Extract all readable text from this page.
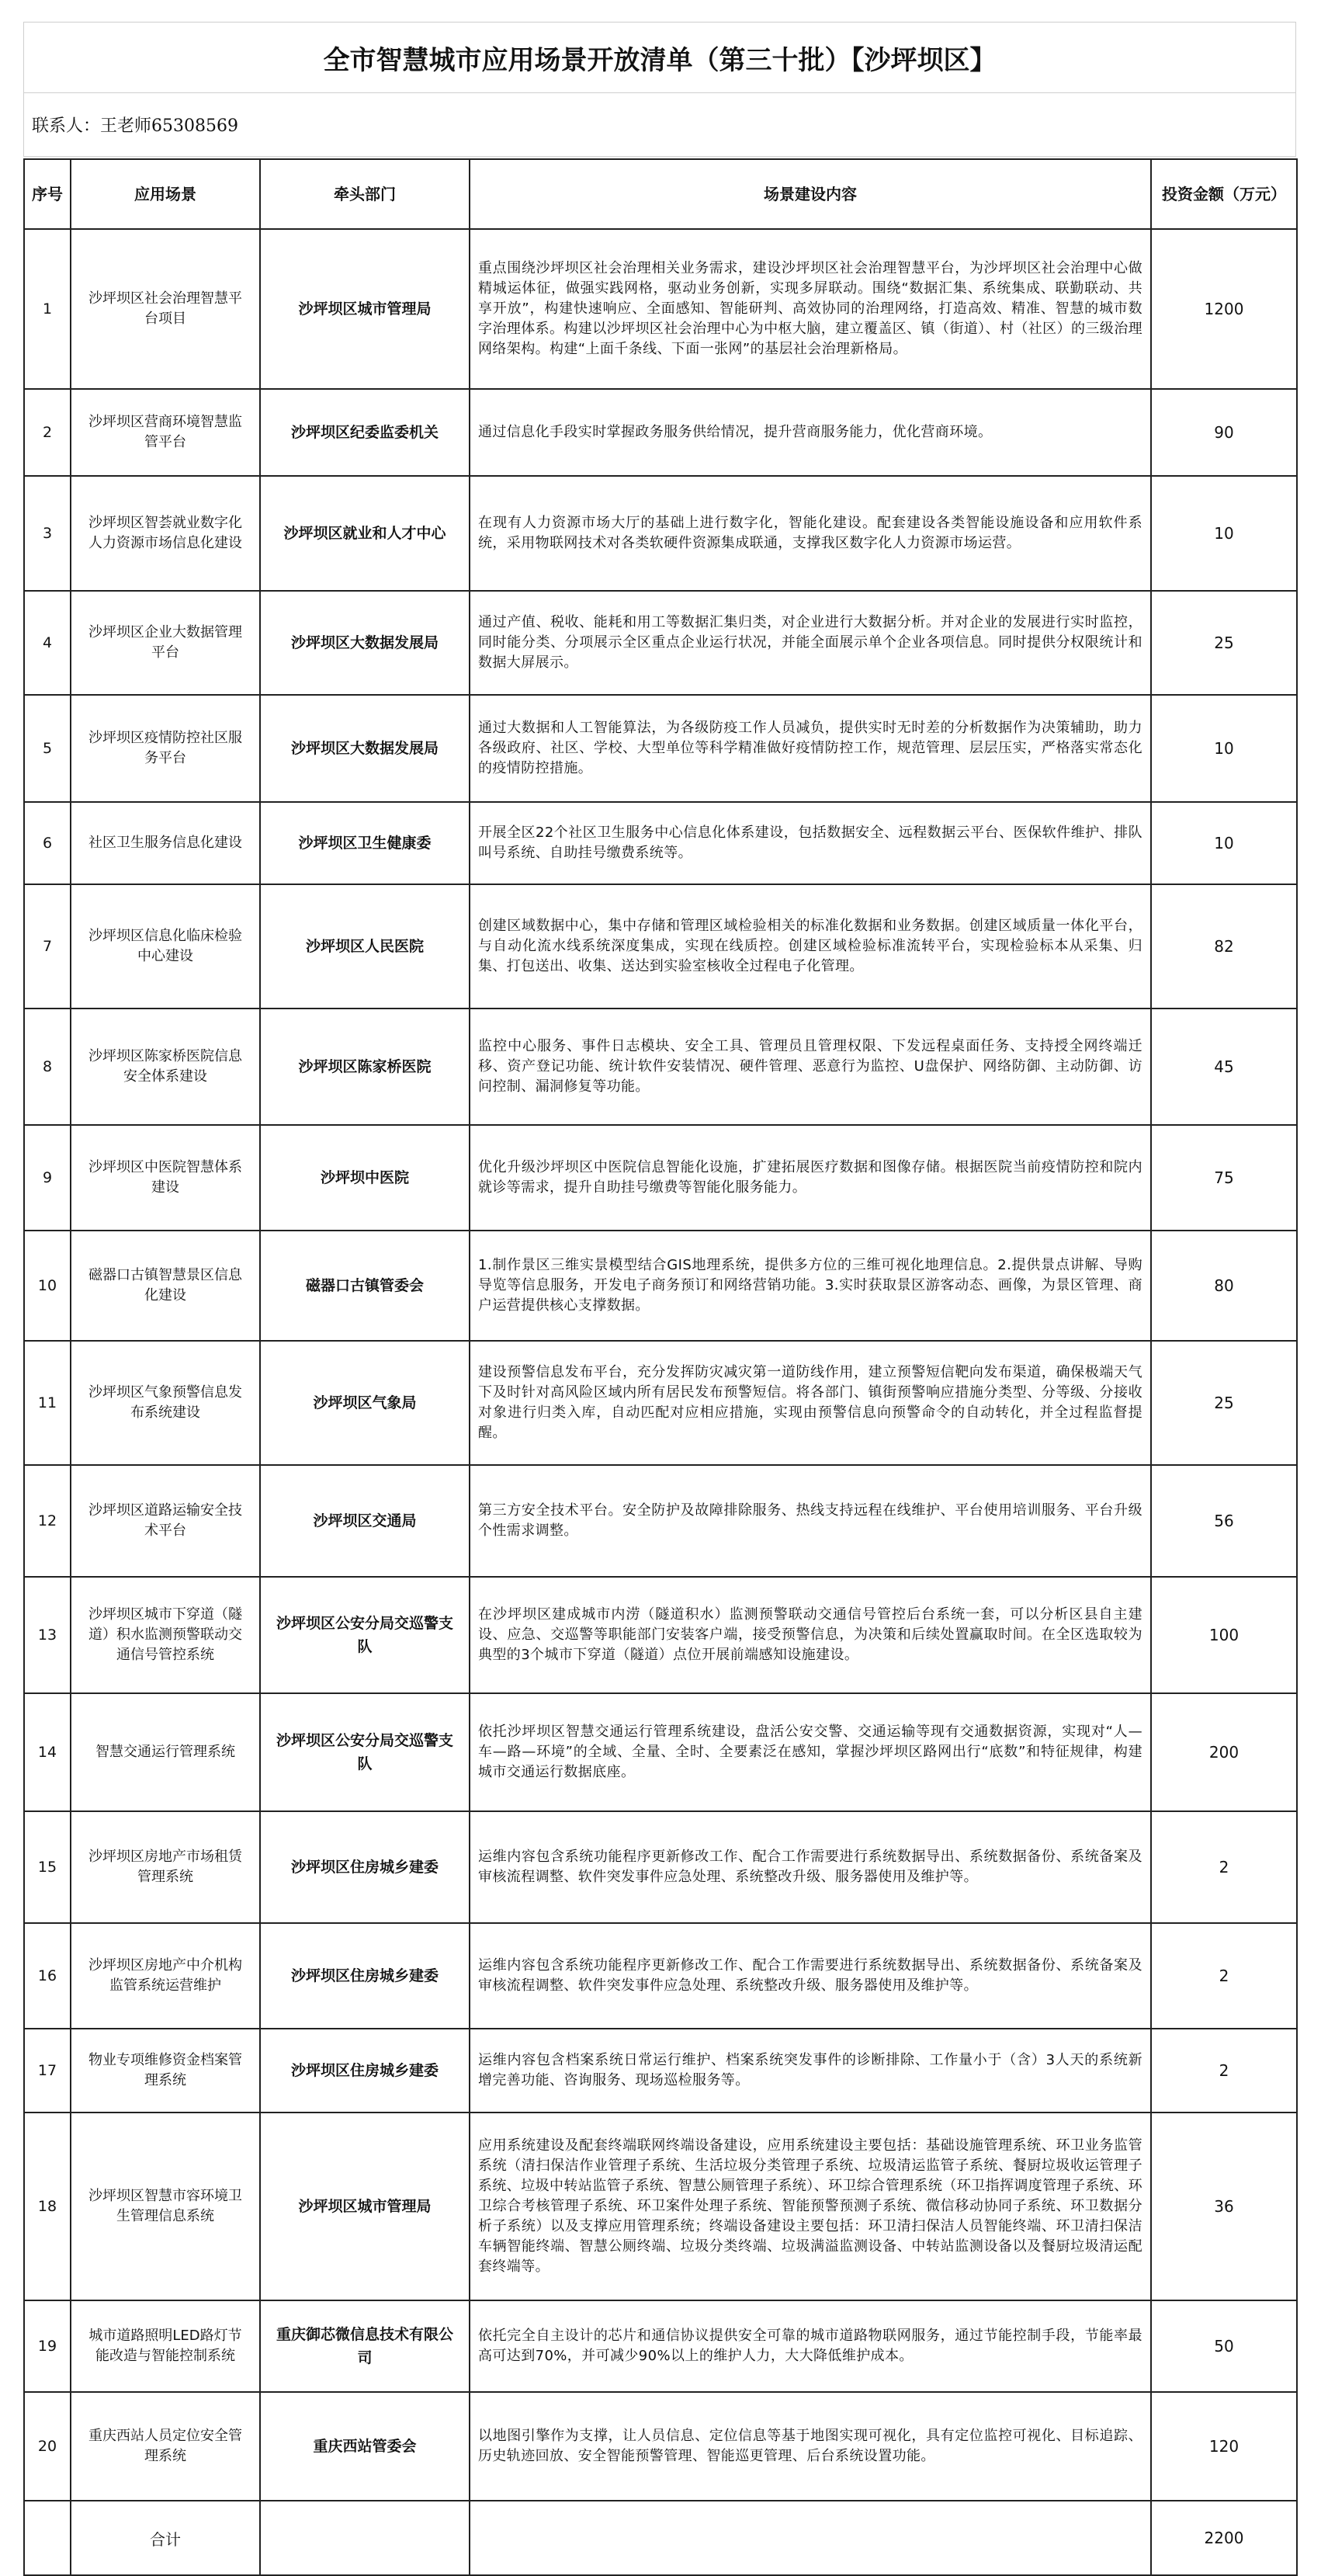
全市智慧城市应用场景开放清单（第三十批）【沙坪坝区】
联系人：王老师65308569
序号	应用场景	牵头部门	场景建设内容	投资金额（万元）
1	沙坪坝区社会治理智慧平台项目	沙坪坝区城市管理局	重点围绕沙坪坝区社会治理相关业务需求，建设沙坪坝区社会治理智慧平台，为沙坪坝区社会治理中心做精城运体征，做强实践网格，驱动业务创新，实现多屏联动。围绕“数据汇集、系统集成、联勤联动、共享开放”，构建快速响应、全面感知、智能研判、高效协同的治理网络，打造高效、精准、智慧的城市数字治理体系。构建以沙坪坝区社会治理中心为中枢大脑，建立覆盖区、镇（街道）、村（社区）的三级治理网络架构。构建“上面千条线、下面一张网”的基层社会治理新格局。	1200
2	沙坪坝区营商环境智慧监管平台	沙坪坝区纪委监委机关	通过信息化手段实时掌握政务服务供给情况，提升营商服务能力，优化营商环境。	90
3	沙坪坝区智荟就业数字化人力资源市场信息化建设	沙坪坝区就业和人才中心	在现有人力资源市场大厅的基础上进行数字化，智能化建设。配套建设各类智能设施设备和应用软件系统，采用物联网技术对各类软硬件资源集成联通，支撑我区数字化人力资源市场运营。	10
4	沙坪坝区企业大数据管理平台	沙坪坝区大数据发展局	通过产值、税收、能耗和用工等数据汇集归类，对企业进行大数据分析。并对企业的发展进行实时监控，同时能分类、分项展示全区重点企业运行状况，并能全面展示单个企业各项信息。同时提供分权限统计和数据大屏展示。	25
5	沙坪坝区疫情防控社区服务平台	沙坪坝区大数据发展局	通过大数据和人工智能算法，为各级防疫工作人员减负，提供实时无时差的分析数据作为决策辅助，助力各级政府、社区、学校、大型单位等科学精准做好疫情防控工作，规范管理、层层压实，严格落实常态化的疫情防控措施。	10
6	社区卫生服务信息化建设	沙坪坝区卫生健康委	开展全区22个社区卫生服务中心信息化体系建设，包括数据安全、远程数据云平台、医保软件维护、排队叫号系统、自助挂号缴费系统等。	10
7	沙坪坝区信息化临床检验中心建设	沙坪坝区人民医院	创建区域数据中心，集中存储和管理区域检验相关的标准化数据和业务数据。创建区域质量一体化平台，与自动化流水线系统深度集成，实现在线质控。创建区域检验标准流转平台，实现检验标本从采集、归集、打包送出、收集、送达到实验室核收全过程电子化管理。	82
8	沙坪坝区陈家桥医院信息安全体系建设	沙坪坝区陈家桥医院	监控中心服务、事件日志模块、安全工具、管理员且管理权限、下发远程桌面任务、支持授全网终端迁移、资产登记功能、统计软件安装情况、硬件管理、恶意行为监控、U盘保护、网络防御、主动防御、访问控制、漏洞修复等功能。	45
9	沙坪坝区中医院智慧体系建设	沙坪坝中医院	优化升级沙坪坝区中医院信息智能化设施，扩建拓展医疗数据和图像存储。根据医院当前疫情防控和院内就诊等需求，提升自助挂号缴费等智能化服务能力。	75
10	磁器口古镇智慧景区信息化建设	磁器口古镇管委会	1.制作景区三维实景模型结合GIS地理系统，提供多方位的三维可视化地理信息。2.提供景点讲解、导购导览等信息服务，开发电子商务预订和网络营销功能。3.实时获取景区游客动态、画像，为景区管理、商户运营提供核心支撑数据。	80
11	沙坪坝区气象预警信息发布系统建设	沙坪坝区气象局	建设预警信息发布平台，充分发挥防灾减灾第一道防线作用，建立预警短信靶向发布渠道，确保极端天气下及时针对高风险区域内所有居民发布预警短信。将各部门、镇街预警响应措施分类型、分等级、分接收对象进行归类入库，自动匹配对应相应措施，实现由预警信息向预警命令的自动转化，并全过程监督提醒。	25
12	沙坪坝区道路运输安全技术平台	沙坪坝区交通局	第三方安全技术平台。安全防护及故障排除服务、热线支持远程在线维护、平台使用培训服务、平台升级个性需求调整。	56
13	沙坪坝区城市下穿道（隧道）积水监测预警联动交通信号管控系统	沙坪坝区公安分局交巡警支队	在沙坪坝区建成城市内涝（隧道积水）监测预警联动交通信号管控后台系统一套，可以分析区县自主建设、应急、交巡警等职能部门安装客户端，接受预警信息，为决策和后续处置赢取时间。在全区选取较为典型的3个城市下穿道（隧道）点位开展前端感知设施建设。	100
14	智慧交通运行管理系统	沙坪坝区公安分局交巡警支队	依托沙坪坝区智慧交通运行管理系统建设，盘活公安交警、交通运输等现有交通数据资源，实现对“人—车—路—环境”的全域、全量、全时、全要素泛在感知，掌握沙坪坝区路网出行“底数”和特征规律，构建城市交通运行数据底座。	200
15	沙坪坝区房地产市场租赁管理系统	沙坪坝区住房城乡建委	运维内容包含系统功能程序更新修改工作、配合工作需要进行系统数据导出、系统数据备份、系统备案及审核流程调整、软件突发事件应急处理、系统整改升级、服务器使用及维护等。	2
16	沙坪坝区房地产中介机构监管系统运营维护	沙坪坝区住房城乡建委	运维内容包含系统功能程序更新修改工作、配合工作需要进行系统数据导出、系统数据备份、系统备案及审核流程调整、软件突发事件应急处理、系统整改升级、服务器使用及维护等。	2
17	物业专项维修资金档案管理系统	沙坪坝区住房城乡建委	运维内容包含档案系统日常运行维护、档案系统突发事件的诊断排除、工作量小于（含）3人天的系统新增完善功能、咨询服务、现场巡检服务等。	2
18	沙坪坝区智慧市容环境卫生管理信息系统	沙坪坝区城市管理局	应用系统建设及配套终端联网终端设备建设，应用系统建设主要包括：基础设施管理系统、环卫业务监管系统（清扫保洁作业管理子系统、生活垃圾分类管理子系统、垃圾清运监管子系统、餐厨垃圾收运管理子系统、垃圾中转站监管子系统、智慧公厕管理子系统）、环卫综合管理系统（环卫指挥调度管理子系统、环卫综合考核管理子系统、环卫案件处理子系统、智能预警预测子系统、微信移动协同子系统、环卫数据分析子系统）以及支撑应用管理系统；终端设备建设主要包括：环卫清扫保洁人员智能终端、环卫清扫保洁车辆智能终端、智慧公厕终端、垃圾分类终端、垃圾满溢监测设备、中转站监测设备以及餐厨垃圾清运配套终端等。	36
19	城市道路照明LED路灯节能改造与智能控制系统	重庆御芯微信息技术有限公司	依托完全自主设计的芯片和通信协议提供安全可靠的城市道路物联网服务，通过节能控制手段，节能率最高可达到70%，并可减少90%以上的维护人力，大大降低维护成本。	50
20	重庆西站人员定位安全管理系统	重庆西站管委会	以地图引擎作为支撑，让人员信息、定位信息等基于地图实现可视化，具有定位监控可视化、目标追踪、历史轨迹回放、安全智能预警管理、智能巡更管理、后台系统设置功能。	120
	合计			2200
